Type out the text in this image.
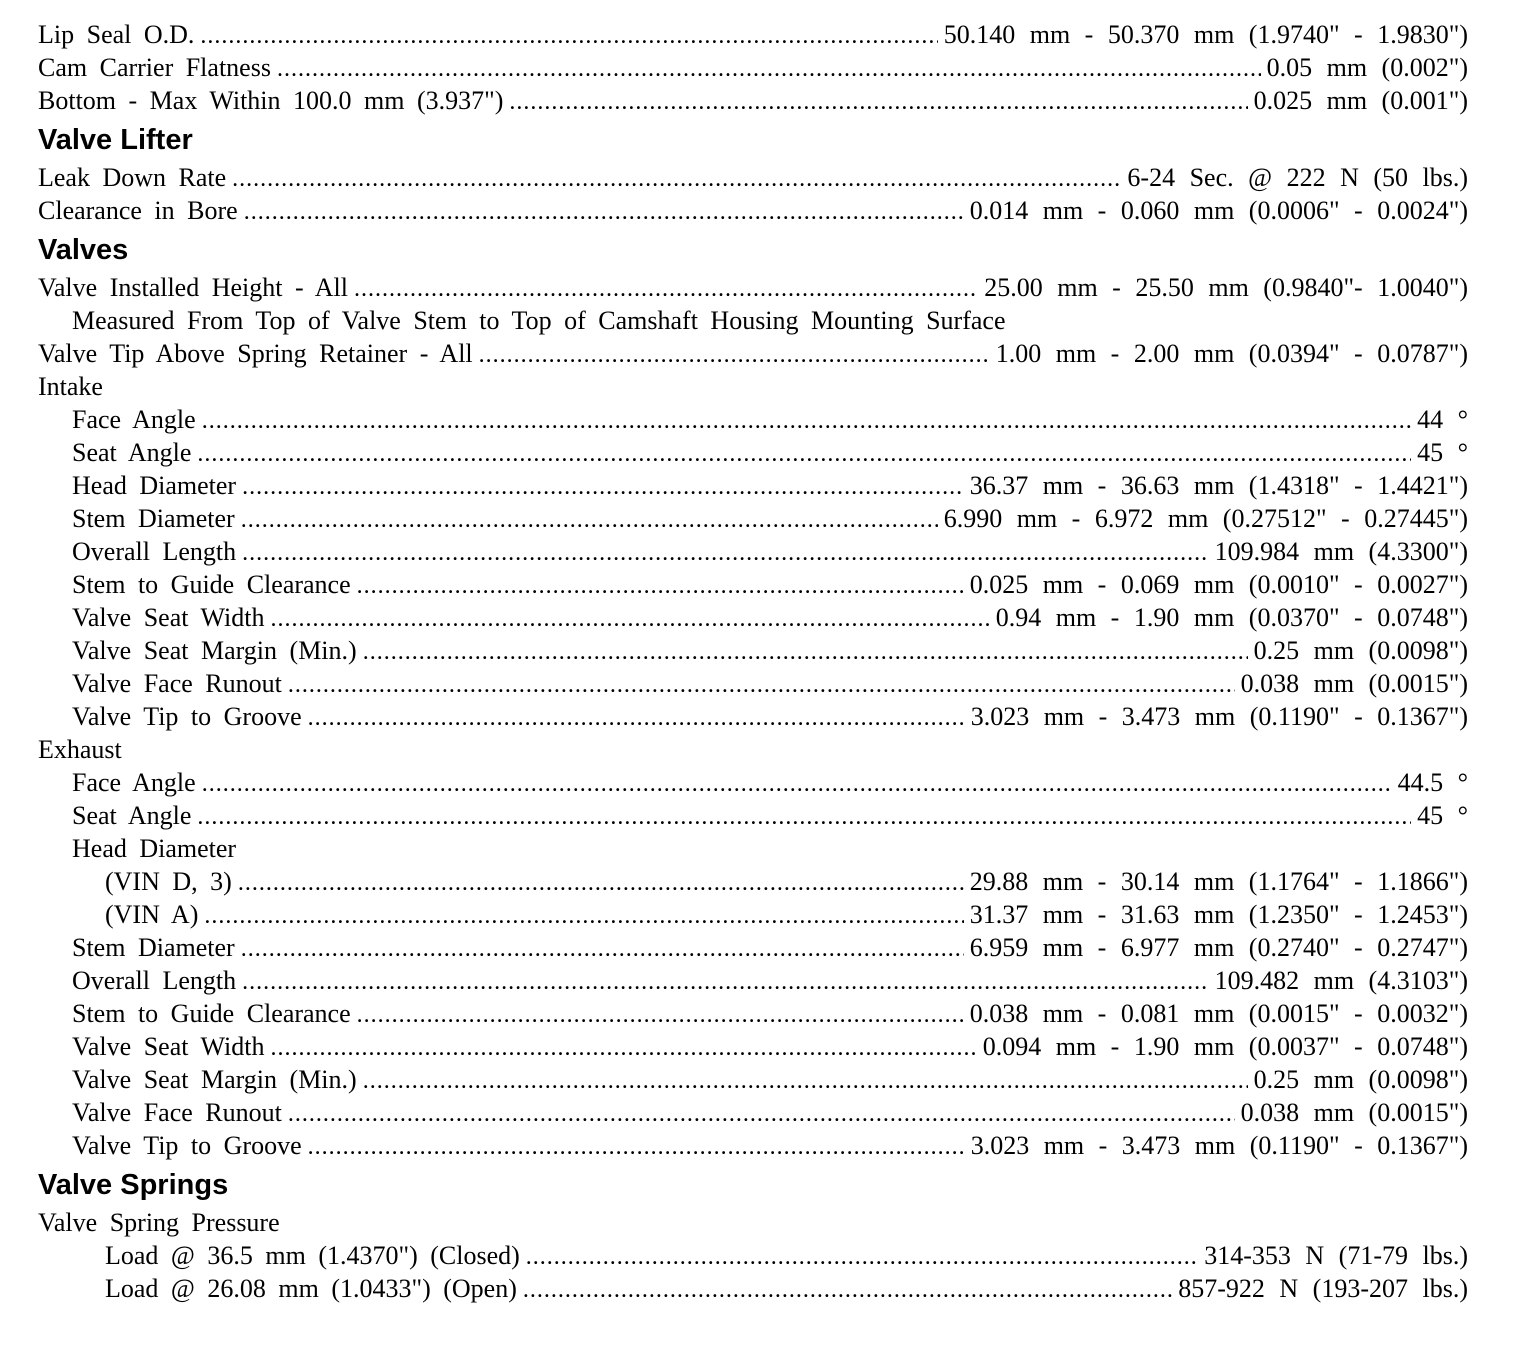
Lip Seal O.D. .....	50.140 mm - 50.370 mm (1.9740" - 1.9830")
Cam Carrier Flatness .....	0.05 mm (0.002")
Bottom - Max Within 100.0 mm (3.937") .....	0.025 mm (0.001")
Valve Lifter
Leak Down Rate .....	6-24 Sec. @ 222 N (50 lbs.)
Clearance in Bore .....	0.014 mm - 0.060 mm (0.0006" - 0.0024")
Valves
Valve Installed Height - All .....	25.00 mm - 25.50 mm (0.9840"- 1.0040")
Measured From Top of Valve Stem to Top of Camshaft Housing Mounting Surface
Valve Tip Above Spring Retainer - All .....	1.00 mm - 2.00 mm (0.0394" - 0.0787")
Intake
Face Angle .....	44 °
Seat Angle .....	45 °
Head Diameter .....	36.37 mm - 36.63 mm (1.4318" - 1.4421")
Stem Diameter .....	6.990 mm - 6.972 mm (0.27512" - 0.27445")
Overall Length .....	109.984 mm (4.3300")
Stem to Guide Clearance .....	0.025 mm - 0.069 mm (0.0010" - 0.0027")
Valve Seat Width .....	0.94 mm - 1.90 mm (0.0370" - 0.0748")
Valve Seat Margin (Min.) .....	0.25 mm (0.0098")
Valve Face Runout .....	0.038 mm (0.0015")
Valve Tip to Groove .....	3.023 mm - 3.473 mm (0.1190" - 0.1367")
Exhaust
Face Angle .....	44.5 °
Seat Angle .....	45 °
Head Diameter
(VIN D, 3) .....	29.88 mm - 30.14 mm (1.1764" - 1.1866")
(VIN A) .....	31.37 mm - 31.63 mm (1.2350" - 1.2453")
Stem Diameter .....	6.959 mm - 6.977 mm (0.2740" - 0.2747")
Overall Length .....	109.482 mm (4.3103")
Stem to Guide Clearance .....	0.038 mm - 0.081 mm (0.0015" - 0.0032")
Valve Seat Width .....	0.094 mm - 1.90 mm (0.0037" - 0.0748")
Valve Seat Margin (Min.) .....	0.25 mm (0.0098")
Valve Face Runout .....	0.038 mm (0.0015")
Valve Tip to Groove .....	3.023 mm - 3.473 mm (0.1190" - 0.1367")
Valve Springs
Valve Spring Pressure
Load @ 36.5 mm (1.4370") (Closed) .....	314-353 N (71-79 lbs.)
Load @ 26.08 mm (1.0433") (Open) .....	857-922 N (193-207 lbs.)
